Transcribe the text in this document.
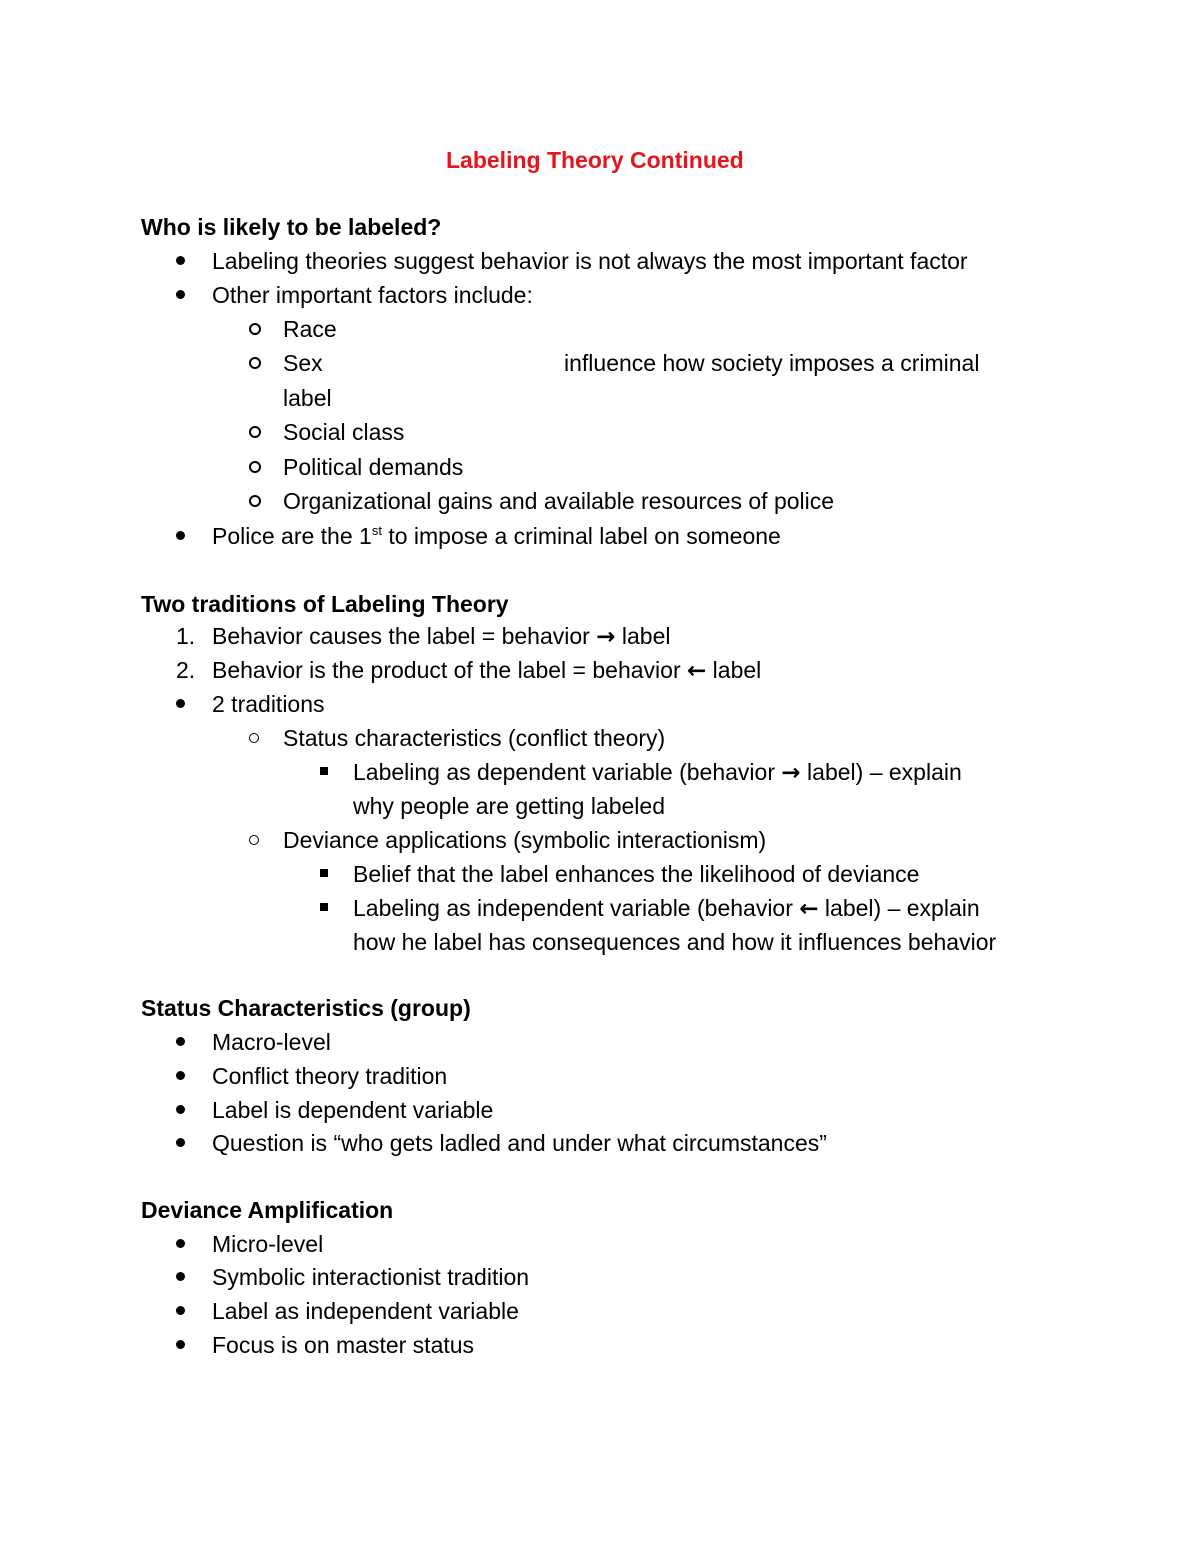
Labeling Theory Continued
Who is likely to be labeled?
Labeling theories suggest behavior is not always the most important factor
Other important factors include:
Race
Sex	influence how society imposes a criminal
label
Social class
Political demands
Organizational gains and available resources of police
Police are the 1st to impose a criminal label on someone
Two traditions of Labeling Theory
1. Behavior causes the label = behavior → label
2. Behavior is the product of the label = behavior ← label
2 traditions
Status characteristics (conflict theory)
Labeling as dependent variable (behavior → label) – explain
why people are getting labeled
Deviance applications (symbolic interactionism)
Belief that the label enhances the likelihood of deviance
Labeling as independent variable (behavior ← label) – explain
how he label has consequences and how it influences behavior
Status Characteristics (group)
Macro-level
Conflict theory tradition
Label is dependent variable
Question is “who gets ladled and under what circumstances”
Deviance Amplification
Micro-level
Symbolic interactionist tradition
Label as independent variable
Focus is on master status
